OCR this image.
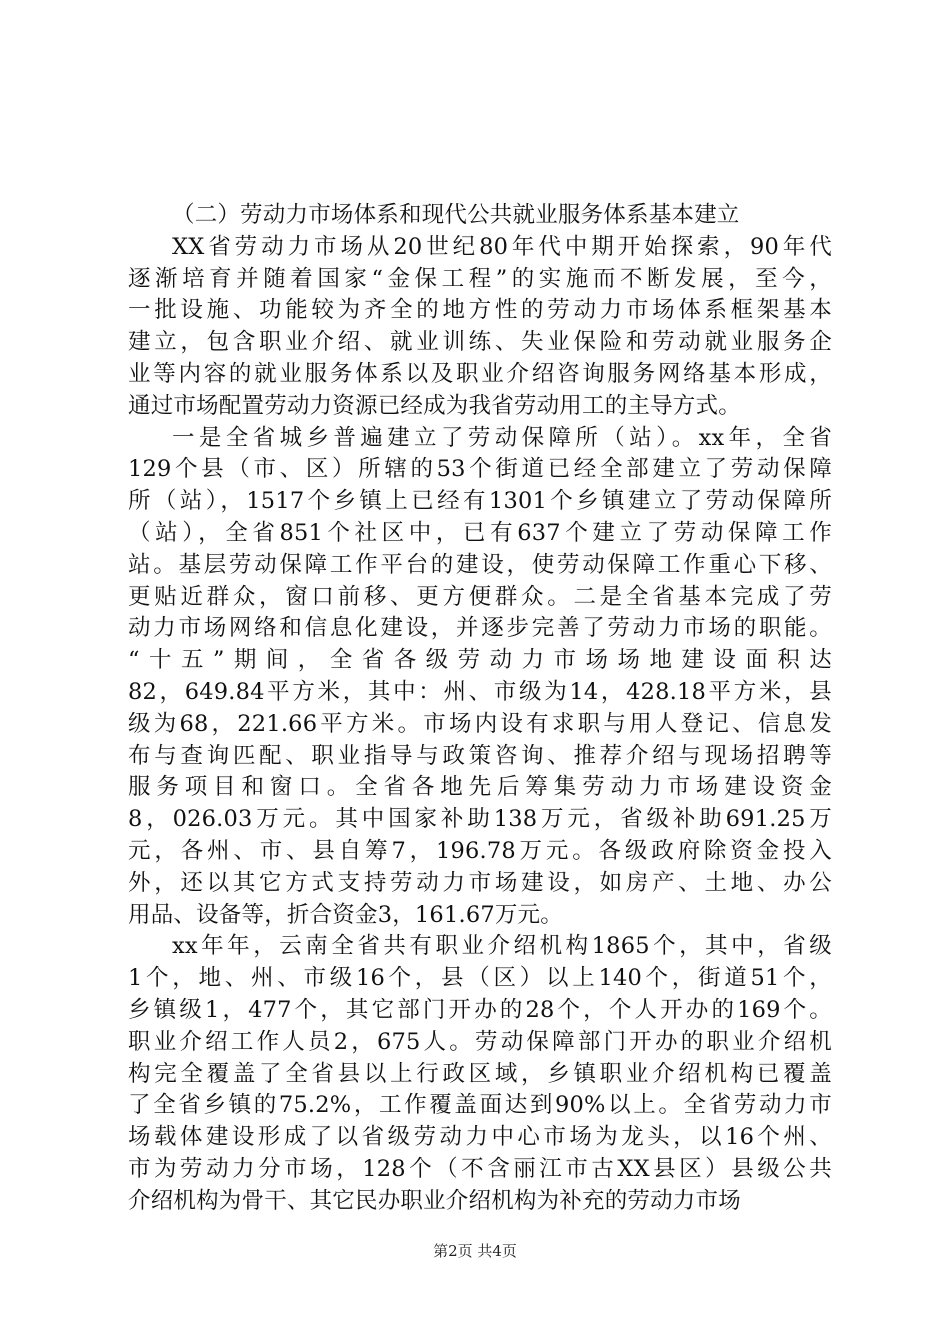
（二）劳动力市场体系和现代公共就业服务体系基本建立
XX省劳动力市场从20世纪80年代中期开始探索，90年代
逐渐培育并随着国家“金保工程”的实施而不断发展，至今，
一批设施、功能较为齐全的地方性的劳动力市场体系框架基本
建立，包含职业介绍、就业训练、失业保险和劳动就业服务企
业等内容的就业服务体系以及职业介绍咨询服务网络基本形成，
通过市场配置劳动力资源已经成为我省劳动用工的主导方式。
一是全省城乡普遍建立了劳动保障所（站）。xx年，全省
129个县（市、区）所辖的53个街道已经全部建立了劳动保障
所（站），1517个乡镇上已经有1301个乡镇建立了劳动保障所
（站），全省851个社区中，已有637个建立了劳动保障工作
站。基层劳动保障工作平台的建设，使劳动保障工作重心下移、
更贴近群众，窗口前移、更方便群众。二是全省基本完成了劳
动力市场网络和信息化建设，并逐步完善了劳动力市场的职能。
“十五”期间，全省各级劳动力市场场地建设面积达
82，649.84平方米，其中：州、市级为14，428.18平方米，县
级为68，221.66平方米。市场内设有求职与用人登记、信息发
布与查询匹配、职业指导与政策咨询、推荐介绍与现场招聘等
服务项目和窗口。全省各地先后筹集劳动力市场建设资金
8，026.03万元。其中国家补助138万元，省级补助691.25万
元，各州、市、县自筹7，196.78万元。各级政府除资金投入
外，还以其它方式支持劳动力市场建设，如房产、土地、办公
用品、设备等，折合资金3，161.67万元。
xx年年，云南全省共有职业介绍机构1865个，其中，省级
1个，地、州、市级16个，县（区）以上140个，街道51个，
乡镇级1，477个，其它部门开办的28个，个人开办的169个。
职业介绍工作人员2，675人。劳动保障部门开办的职业介绍机
构完全覆盖了全省县以上行政区域，乡镇职业介绍机构已覆盖
了全省乡镇的75.2%，工作覆盖面达到90%以上。全省劳动力市
场载体建设形成了以省级劳动力中心市场为龙头，以16个州、
市为劳动力分市场，128个（不含丽江市古XX县区）县级公共
介绍机构为骨干、其它民办职业介绍机构为补充的劳动力市场
第2页 共4页
